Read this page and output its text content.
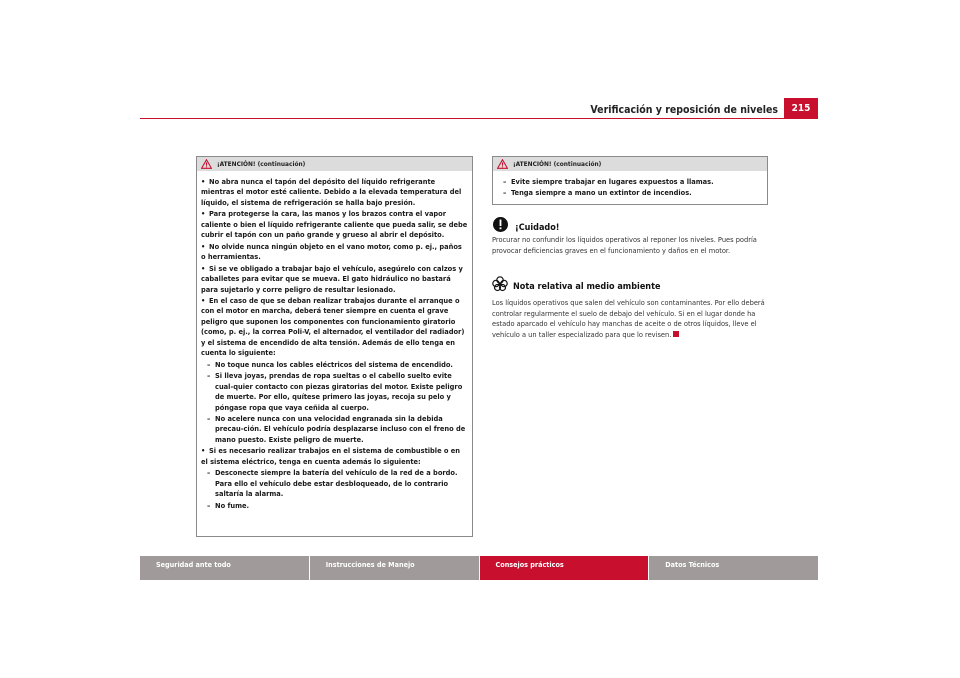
Verificación y reposición de niveles	215
¡ATENCIÓN! (continuación)
• No abra nunca el tapón del depósito del líquido refrigerante mientras el motor esté caliente. Debido a la elevada temperatura del líquido, el sistema de refrigeración se halla bajo presión.
• Para protegerse la cara, las manos y los brazos contra el vapor caliente o bien el líquido refrigerante caliente que pueda salir, se debe cubrir el tapón con un paño grande y grueso al abrir el depósito.
• No olvide nunca ningún objeto en el vano motor, como p. ej., paños o herramientas.
• Si se ve obligado a trabajar bajo el vehículo, asegúrelo con calzos y caballetes para evitar que se mueva. El gato hidráulico no bastará para sujetarlo y corre peligro de resultar lesionado.
• En el caso de que se deban realizar trabajos durante el arranque o con el motor en marcha, deberá tener siempre en cuenta el grave peligro que suponen los componentes con funcionamiento giratorio (como, p. ej., la correa Poli-V, el alternador, el ventilador del radiador) y el sistema de encendido de alta tensión. Además de ello tenga en cuenta lo siguiente:
– No toque nunca los cables eléctricos del sistema de encendido.
– Si lleva joyas, prendas de ropa sueltas o el cabello suelto evite cual-quier contacto con piezas giratorias del motor. Existe peligro de muerte. Por ello, quítese primero las joyas, recoja su pelo y póngase ropa que vaya ceñida al cuerpo.
– No acelere nunca con una velocidad engranada sin la debida precau-ción. El vehículo podría desplazarse incluso con el freno de mano puesto. Existe peligro de muerte.
• Si es necesario realizar trabajos en el sistema de combustible o en el sistema eléctrico, tenga en cuenta además lo siguiente:
– Desconecte siempre la batería del vehículo de la red de a bordo. Para ello el vehículo debe estar desbloqueado, de lo contrario saltaría la alarma.
– No fume.
¡ATENCIÓN! (continuación)
– Evite siempre trabajar en lugares expuestos a llamas.
– Tenga siempre a mano un extintor de incendios.
¡Cuidado!
Procurar no confundir los líquidos operativos al reponer los niveles. Pues podría provocar deficiencias graves en el funcionamiento y daños en el motor.
Nota relativa al medio ambiente
Los líquidos operativos que salen del vehículo son contaminantes. Por ello deberá controlar regularmente el suelo de debajo del vehículo. Si en el lugar donde ha estado aparcado el vehículo hay manchas de aceite o de otros líquidos, lleve el vehículo a un taller especializado para que lo revisen.
Seguridad ante todo	Instrucciones de Manejo	Consejos prácticos	Datos Técnicos
